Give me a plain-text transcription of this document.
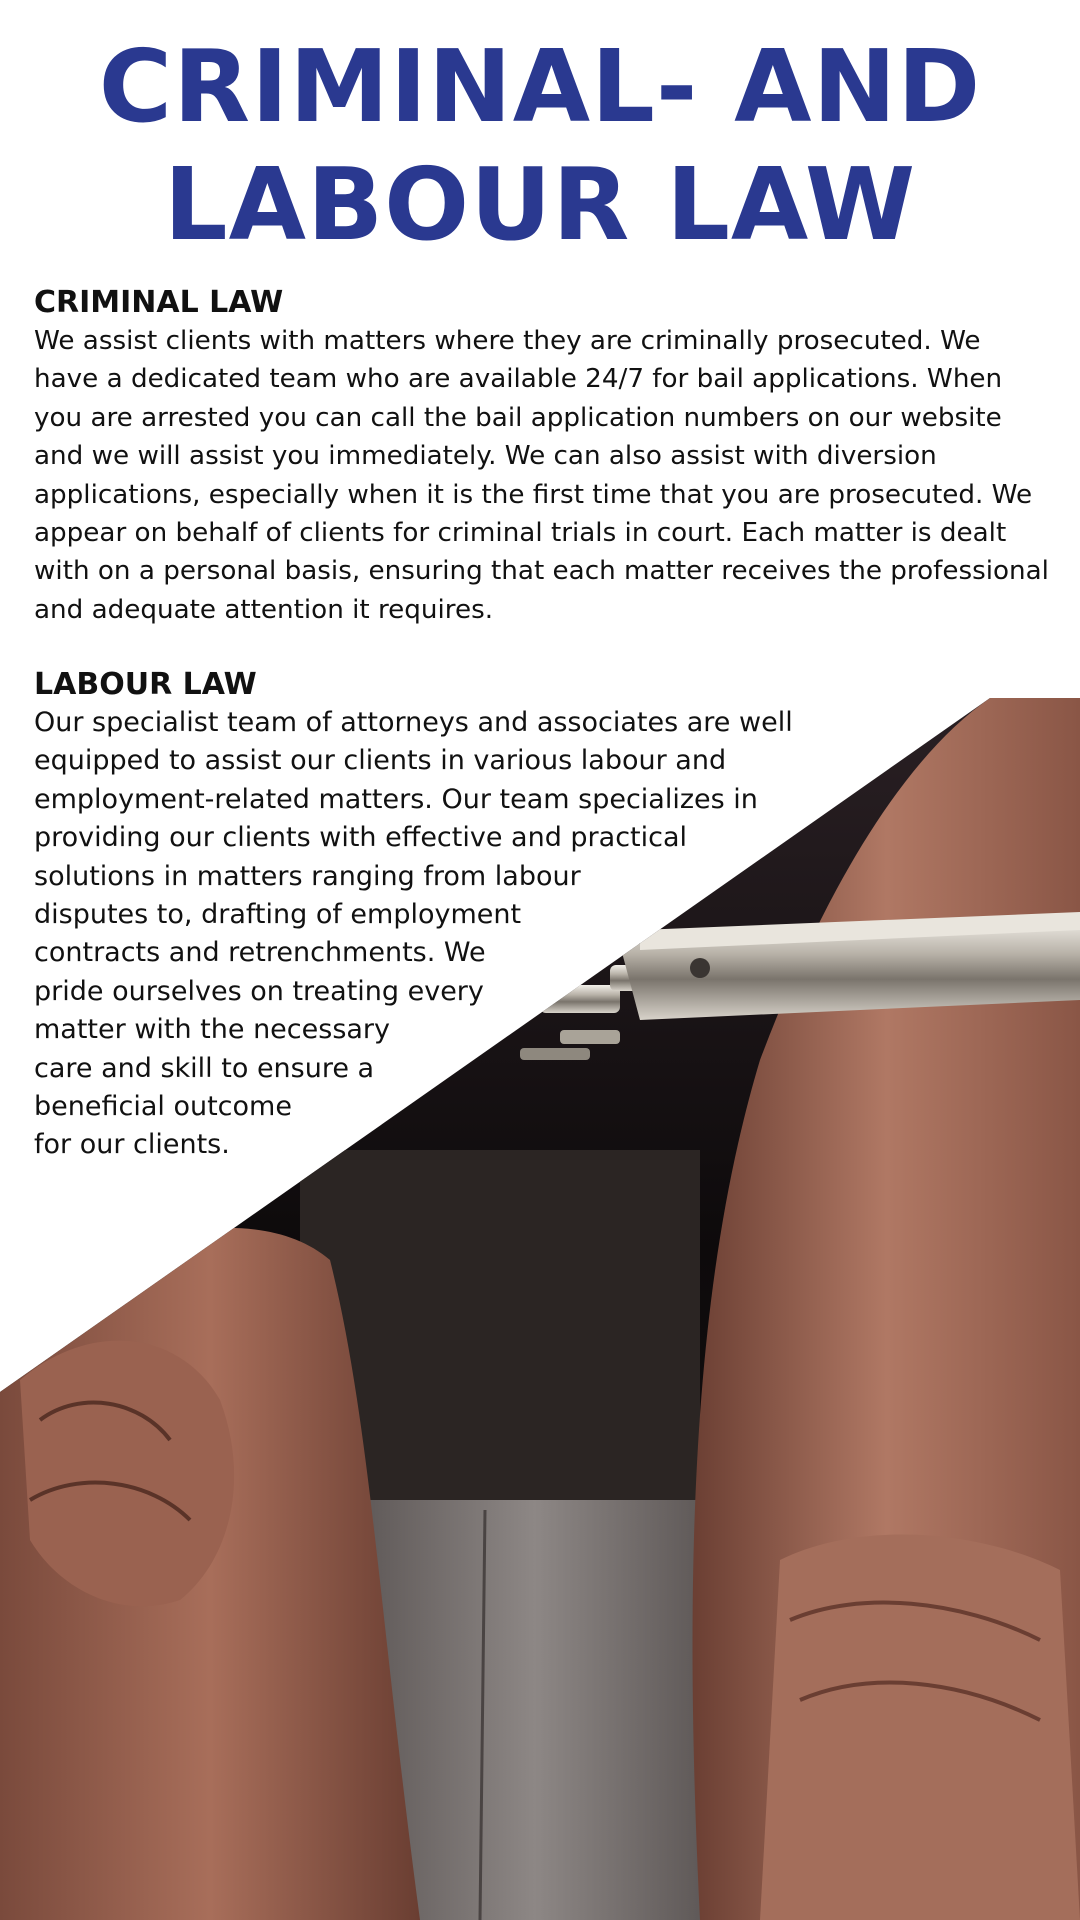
CRIMINAL- AND
LABOUR LAW
CRIMINAL LAW

We assist clients with matters where they are criminally prosecuted. We have a dedicated team who are available 24/7 for bail applications. When you are arrested you can call the bail application numbers on our website and we will assist you immediately. We can also assist with diversion applications, especially when it is the first time that you are prosecuted. We appear on behalf of clients for criminal trials in court. Each matter is dealt with on a personal basis, ensuring that each matter receives the professional and adequate attention it requires.

LABOUR LAW

Our specialist team of attorneys and associates are well
equipped to assist our clients in various labour and
employment-related matters. Our team specializes in
providing our clients with effective and practical
solutions in matters ranging from labour
disputes to, drafting of employment
contracts and retrenchments. We
pride ourselves on treating every
matter with the necessary
care and skill to ensure a
beneficial outcome
for our clients.
